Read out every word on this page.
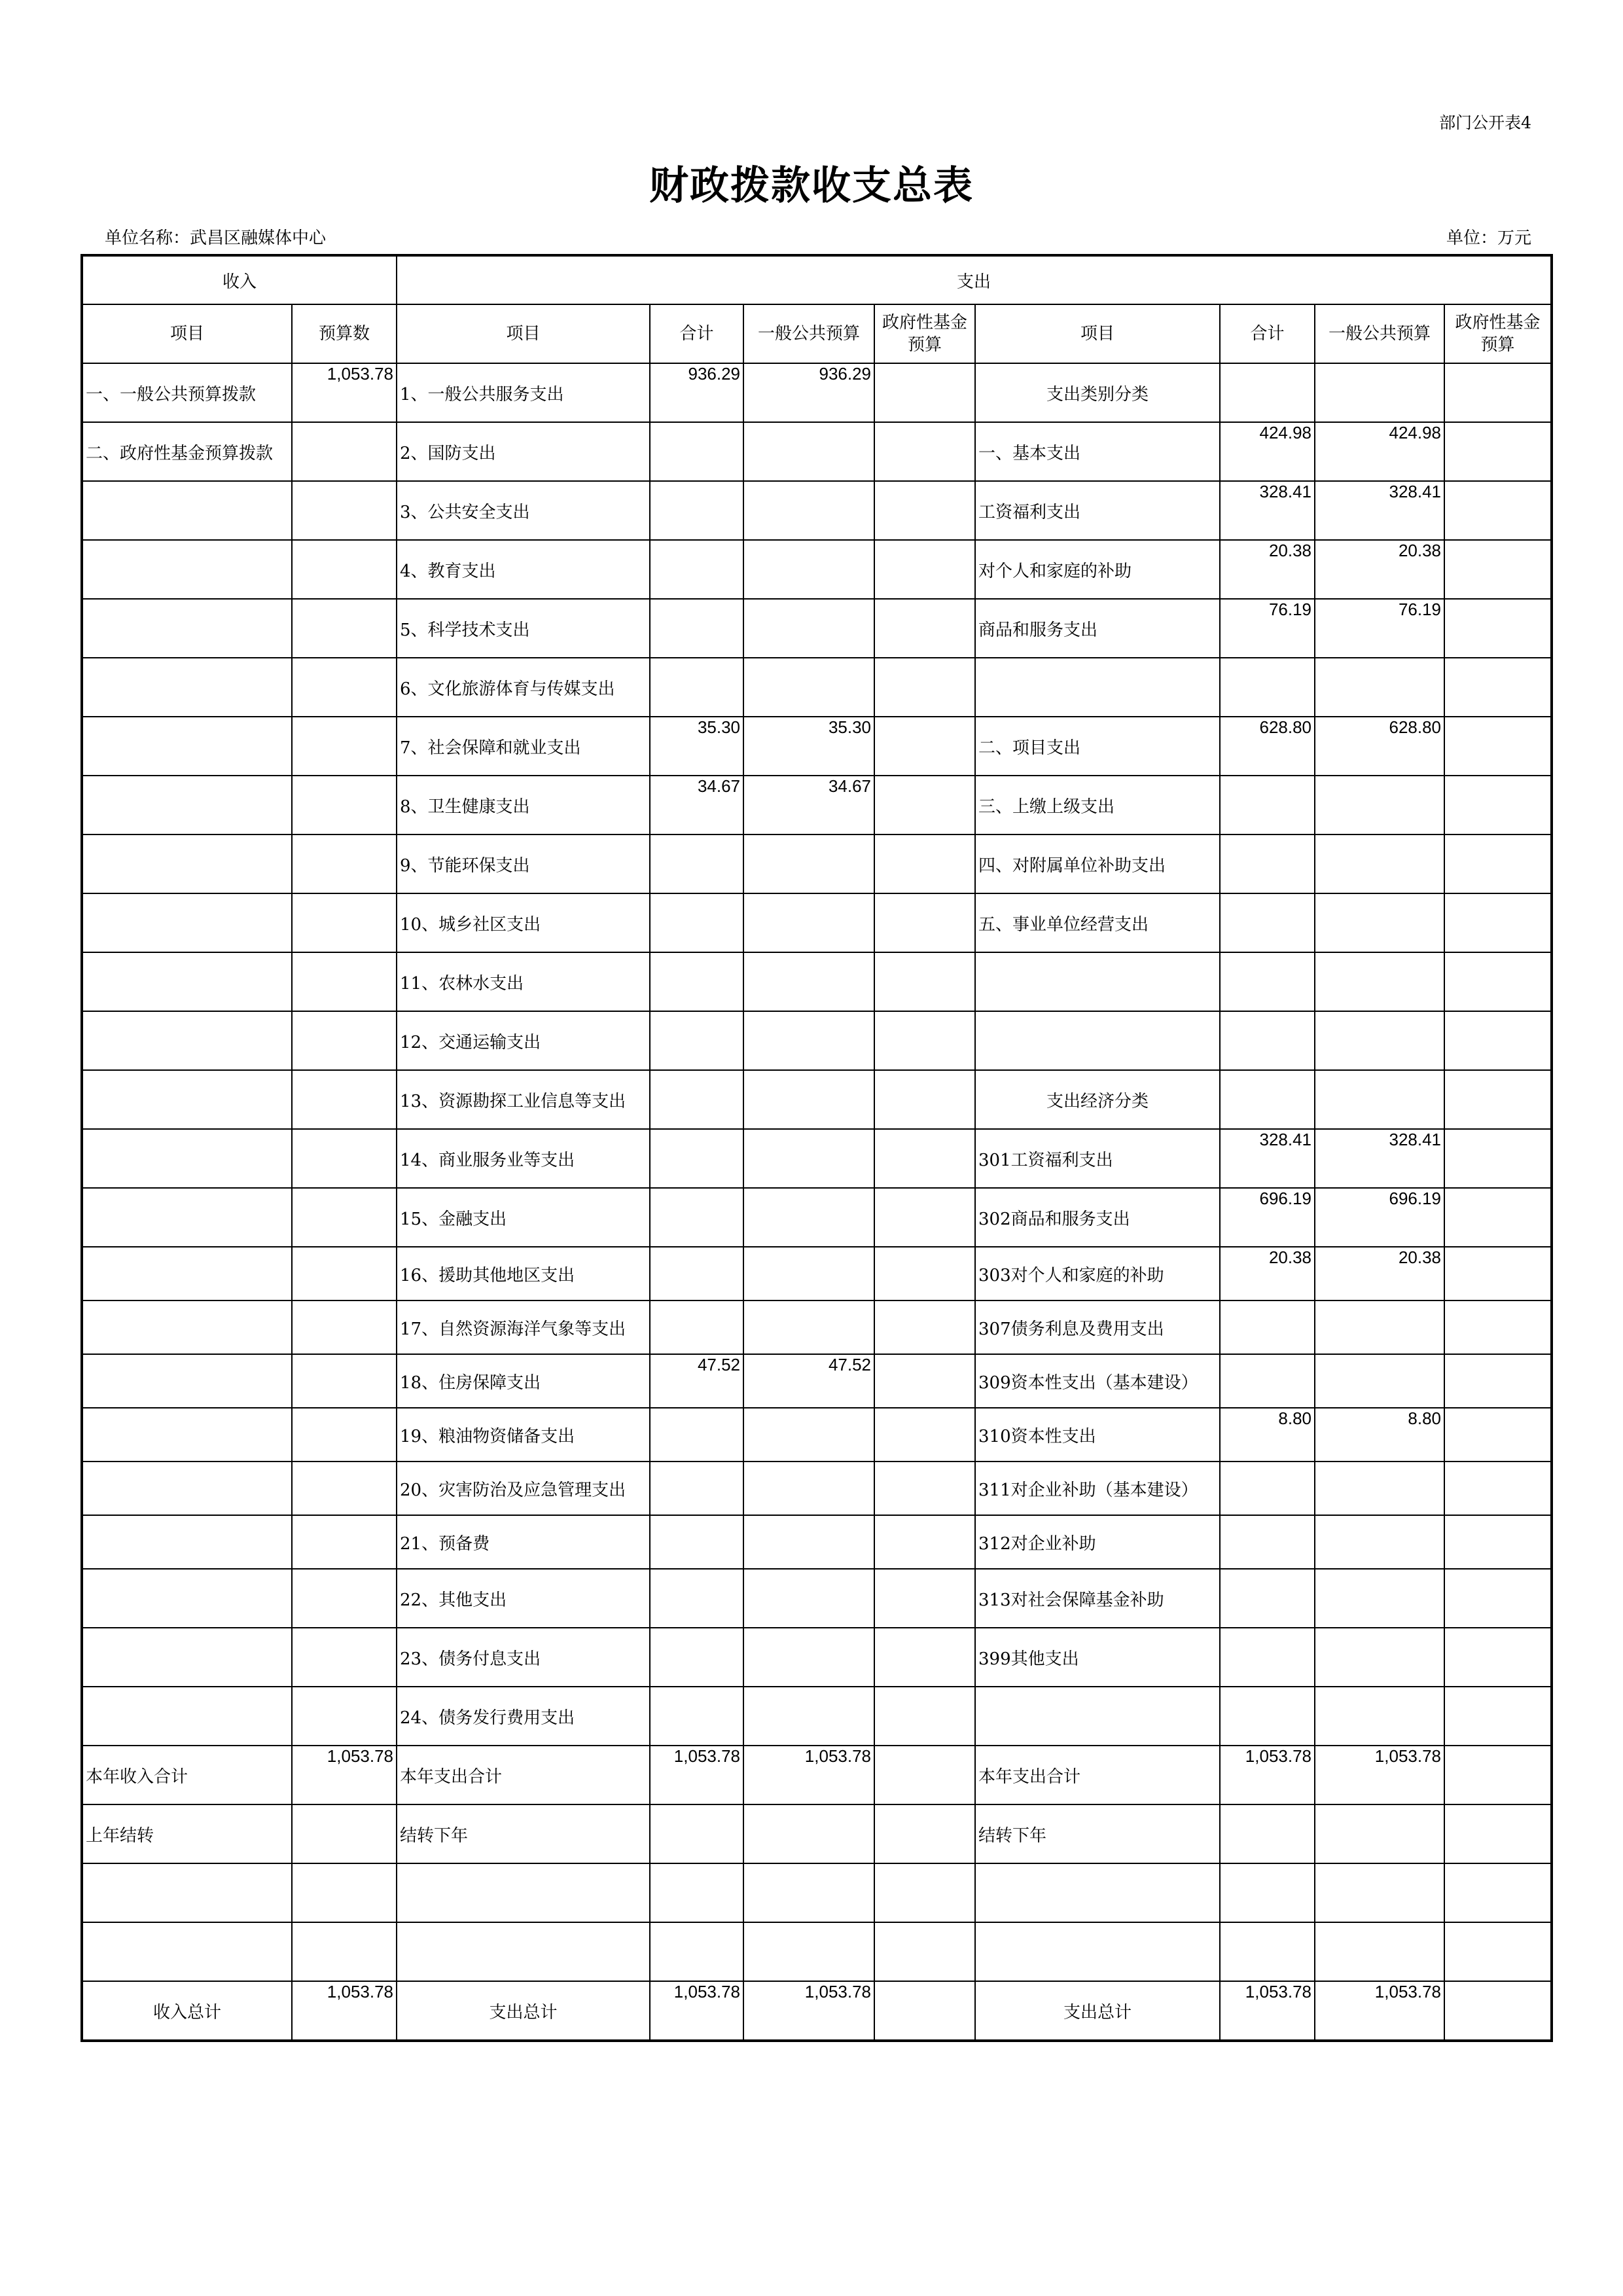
部门公开表4
财政拨款收支总表
单位名称：武昌区融媒体中心	单位：万元
收入		支出							
项目	预算数	项目	合计	一般公共预算	政府性基金预算	项目	合计	一般公共预算	政府性基金预算
一、一般公共预算拨款	1,053.78	1、一般公共服务支出	936.29	936.29		支出类别分类			
二、政府性基金预算拨款		2、国防支出				一、基本支出	424.98	424.98	
		3、公共安全支出				工资福利支出	328.41	328.41	
		4、教育支出				对个人和家庭的补助	20.38	20.38	
		5、科学技术支出				商品和服务支出	76.19	76.19	
		6、文化旅游体育与传媒支出							
		7、社会保障和就业支出	35.30	35.30		二、项目支出	628.80	628.80	
		8、卫生健康支出	34.67	34.67		三、上缴上级支出			
		9、节能环保支出				四、对附属单位补助支出			
		10、城乡社区支出				五、事业单位经营支出			
		11、农林水支出							
		12、交通运输支出							
		13、资源勘探工业信息等支出				支出经济分类			
		14、商业服务业等支出				301工资福利支出	328.41	328.41	
		15、金融支出				302商品和服务支出	696.19	696.19	
		16、援助其他地区支出				303对个人和家庭的补助	20.38	20.38	
		17、自然资源海洋气象等支出				307债务利息及费用支出			
		18、住房保障支出	47.52	47.52		309资本性支出（基本建设）			
		19、粮油物资储备支出				310资本性支出	8.80	8.80	
		20、灾害防治及应急管理支出				311对企业补助（基本建设）			
		21、预备费				312对企业补助			
		22、其他支出				313对社会保障基金补助			
		23、债务付息支出				399其他支出			
		24、债务发行费用支出							
本年收入合计	1,053.78	本年支出合计	1,053.78	1,053.78		本年支出合计	1,053.78	1,053.78	
上年结转		结转下年				结转下年			

收入总计	1,053.78	支出总计	1,053.78	1,053.78		支出总计	1,053.78	1,053.78	
